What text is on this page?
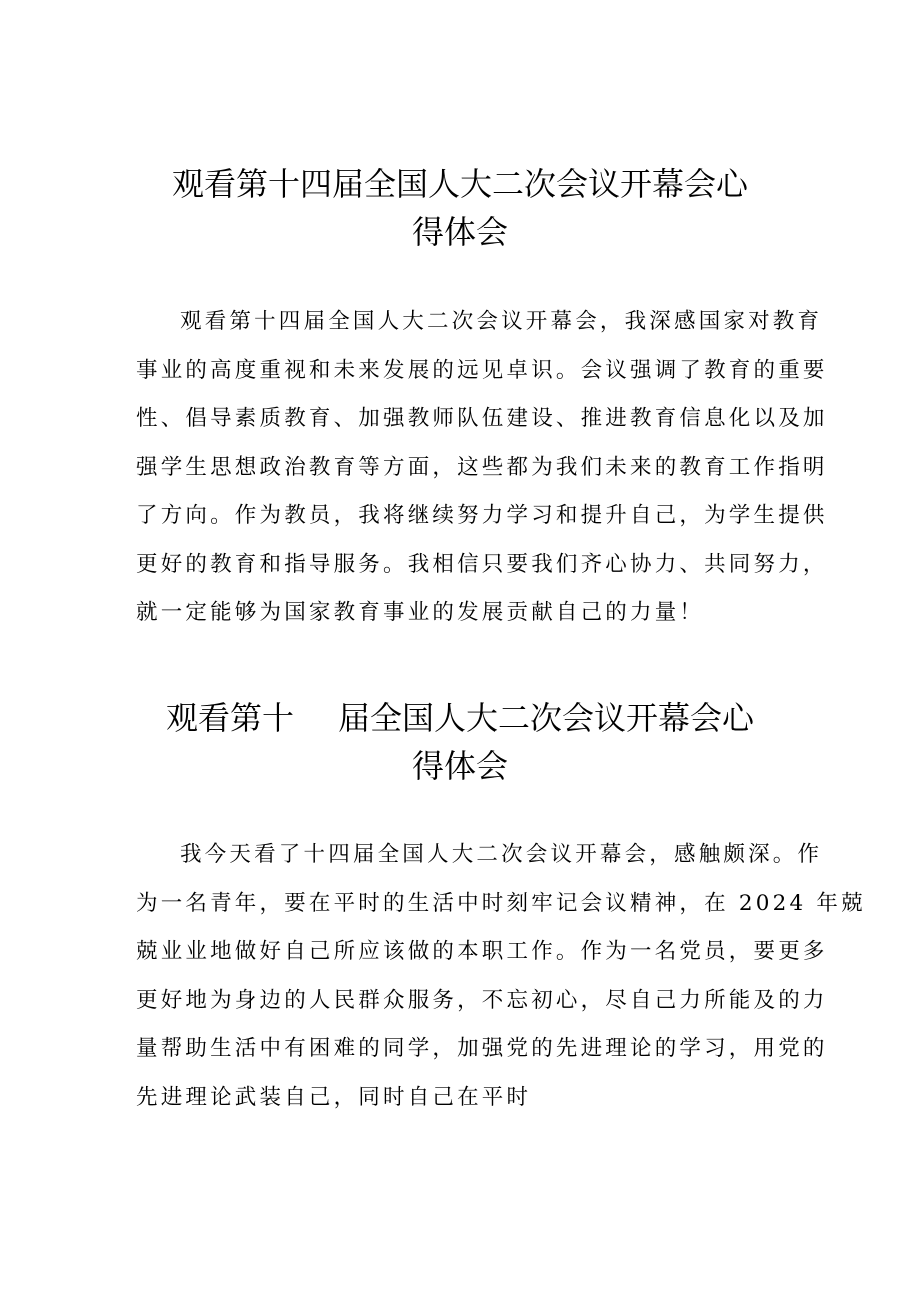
观看第十四届全国人大二次会议开幕会心
得体会
观看第十四届全国人大二次会议开幕会，我深感国家对教育
事业的高度重视和未来发展的远见卓识。会议强调了教育的重要
性、倡导素质教育、加强教师队伍建设、推进教育信息化以及加
强学生思想政治教育等方面，这些都为我们未来的教育工作指明
了方向。作为教员，我将继续努力学习和提升自己，为学生提供
更好的教育和指导服务。我相信只要我们齐心协力、共同努力，
就一定能够为国家教育事业的发展贡献自己的力量！
观看第十 届全国人大二次会议开幕会心
得体会
我今天看了十四届全国人大二次会议开幕会，感触颇深。作
为一名青年，要在平时的生活中时刻牢记会议精神，在 2024 年兢
兢业业地做好自己所应该做的本职工作。作为一名党员，要更多
更好地为身边的人民群众服务，不忘初心，尽自己力所能及的力
量帮助生活中有困难的同学，加强党的先进理论的学习，用党的
先进理论武装自己，同时自己在平时
